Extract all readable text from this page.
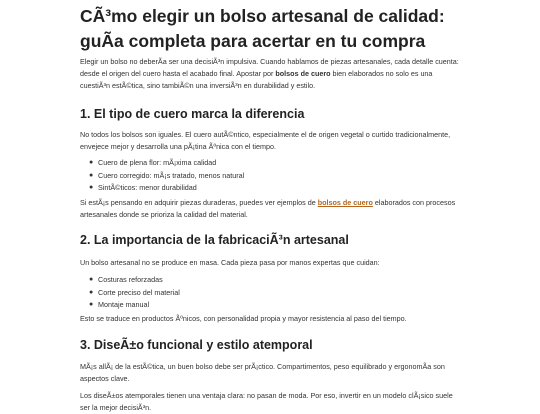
CÃ³mo elegir un bolso artesanal de calidad: guÃa completa para acertar en tu compra

Elegir un bolso no deberÃa ser una decisiÃ³n impulsiva. Cuando hablamos de piezas artesanales, cada detalle cuenta: desde el origen del cuero hasta el acabado final. Apostar por bolsos de cuero bien elaborados no solo es una cuestiÃ³n estÃ©tica, sino tambiÃ©n una inversiÃ³n en durabilidad y estilo.

1. El tipo de cuero marca la diferencia

No todos los bolsos son iguales. El cuero autÃ©ntico, especialmente el de origen vegetal o curtido tradicionalmente, envejece mejor y desarrolla una pÃ¡tina Ãºnica con el tiempo.

● Cuero de plena flor: mÃ¡xima calidad
● Cuero corregido: mÃ¡s tratado, menos natural
● SintÃ©ticos: menor durabilidad

Si estÃ¡s pensando en adquirir piezas duraderas, puedes ver ejemplos de bolsos de cuero elaborados con procesos artesanales donde se prioriza la calidad del material.

2. La importancia de la fabricaciÃ³n artesanal

Un bolso artesanal no se produce en masa. Cada pieza pasa por manos expertas que cuidan:

● Costuras reforzadas
● Corte preciso del material
● Montaje manual

Esto se traduce en productos Ãºnicos, con personalidad propia y mayor resistencia al paso del tiempo.

3. DiseÃ±o funcional y estilo atemporal

MÃ¡s allÃ¡ de la estÃ©tica, un buen bolso debe ser prÃ¡ctico. Compartimentos, peso equilibrado y ergonomÃa son aspectos clave.

Los diseÃ±os atemporales tienen una ventaja clara: no pasan de moda. Por eso, invertir en un modelo clÃ¡sico suele ser la mejor decisiÃ³n.
